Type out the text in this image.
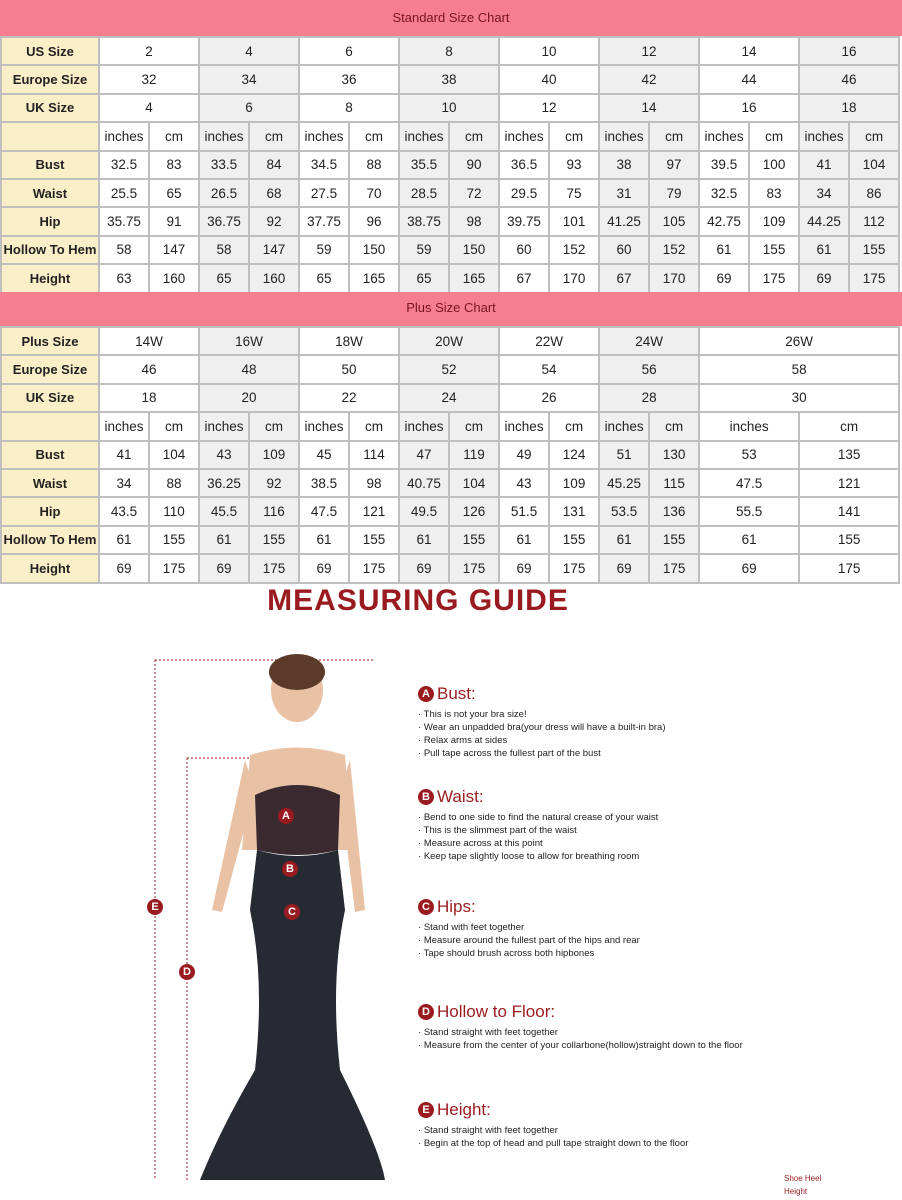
Standard Size Chart
US Size	2		4		6		8		10		12		14		16	
Europe Size	32		34		36		38		40		42		44		46	
UK Size	4		6		8		10		12		14		16		18	
	inches	cm	inches	cm	inches	cm	inches	cm	inches	cm	inches	cm	inches	cm	inches	cm
Bust	32.5	83	33.5	84	34.5	88	35.5	90	36.5	93	38	97	39.5	100	41	104
Waist	25.5	65	26.5	68	27.5	70	28.5	72	29.5	75	31	79	32.5	83	34	86
Hip	35.75	91	36.75	92	37.75	96	38.75	98	39.75	101	41.25	105	42.75	109	44.25	112
Hollow To Hem	58	147	58	147	59	150	59	150	60	152	60	152	61	155	61	155
Height	63	160	65	160	65	165	65	165	67	170	67	170	69	175	69	175
Plus Size Chart
Plus Size	14W		16W		18W		20W		22W		24W		26W	
Europe Size	46		48		50		52		54		56		58	
UK Size	18		20		22		24		26		28		30	
	inches	cm	inches	cm	inches	cm	inches	cm	inches	cm	inches	cm	inches	cm
Bust	41	104	43	109	45	114	47	119	49	124	51	130	53	135
Waist	34	88	36.25	92	38.5	98	40.75	104	43	109	45.25	115	47.5	121
Hip	43.5	110	45.5	116	47.5	121	49.5	126	51.5	131	53.5	136	55.5	141
Hollow To Hem	61	155	61	155	61	155	61	155	61	155	61	155	61	155
Height	69	175	69	175	69	175	69	175	69	175	69	175	69	175
MEASURING GUIDE
A
B
C
D
E
A Bust:
· This is not your bra size!
· Wear an unpadded bra(your dress will have a built-in bra)
· Relax arms at sides
· Pull tape across the fullest part of the bust
B Waist:
· Bend to one side to find the natural crease of your waist
· This is the slimmest part of the waist
· Measure across at this point
· Keep tape slightly loose to allow for breathing room
C Hips:
· Stand with feet together
· Measure around the fullest part of the hips and rear
· Tape should brush across both hipbones
D Hollow to Floor:
· Stand straight with feet together
· Measure from the center of your collarbone(hollow)straight down to the floor
E Height:
· Stand straight with feet together
· Begin at the top of head and pull tape straight down to the floor
Shoe Heel Height
